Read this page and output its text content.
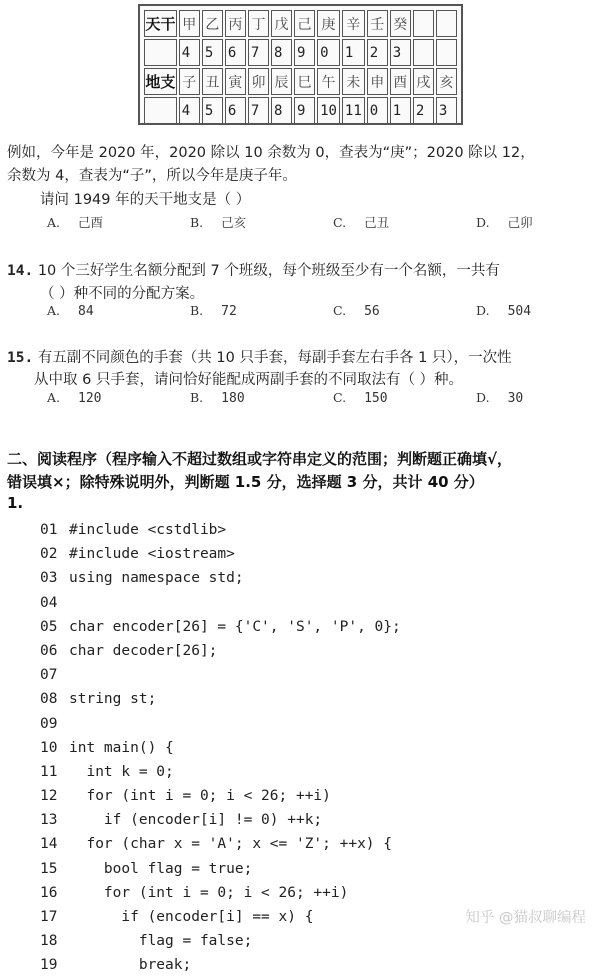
天干	甲	乙	丙	丁	戊	己	庚	辛	壬	癸		
	4	5	6	7	8	9	0	1	2	3		
地支	子	丑	寅	卯	辰	巳	午	未	申	酉	戌	亥
	4	5	6	7	8	9	10	11	0	1	2	3
例如，今年是 2020 年，2020 除以 10 余数为 0，查表为“庚”；2020 除以 12，
余数为 4，查表为“子”，所以今年是庚子年。
请问 1949 年的天干地支是（ ）
A. 己酉	B. 己亥	C. 己丑	D. 己卯
14. 10 个三好学生名额分配到 7 个班级，每个班级至少有一个名额，一共有
（ ）种不同的分配方案。
A. 84	B. 72	C. 56	D. 504
15. 有五副不同颜色的手套（共 10 只手套，每副手套左右手各 1 只），一次性
从中取 6 只手套，请问恰好能配成两副手套的不同取法有（ ）种。
A. 120	B. 180	C. 150	D. 30
二、阅读程序（程序输入不超过数组或字符串定义的范围；判断题正确填√，
错误填×；除特殊说明外，判断题 1.5 分，选择题 3 分，共计 40 分）
1.
01 #include <cstdlib>
02 #include <iostream>
03 using namespace std;
04
05 char encoder[26] = {'C', 'S', 'P', 0};
06 char decoder[26];
07
08 string st;
09
10 int main() {
11  int k = 0;
12  for (int i = 0; i < 26; ++i)
13    if (encoder[i] != 0) ++k;
14  for (char x = 'A'; x <= 'Z'; ++x) {
15    bool flag = true;
16    for (int i = 0; i < 26; ++i)
17      if (encoder[i] == x) {
18        flag = false;
19        break;
知乎 @猫叔聊编程
